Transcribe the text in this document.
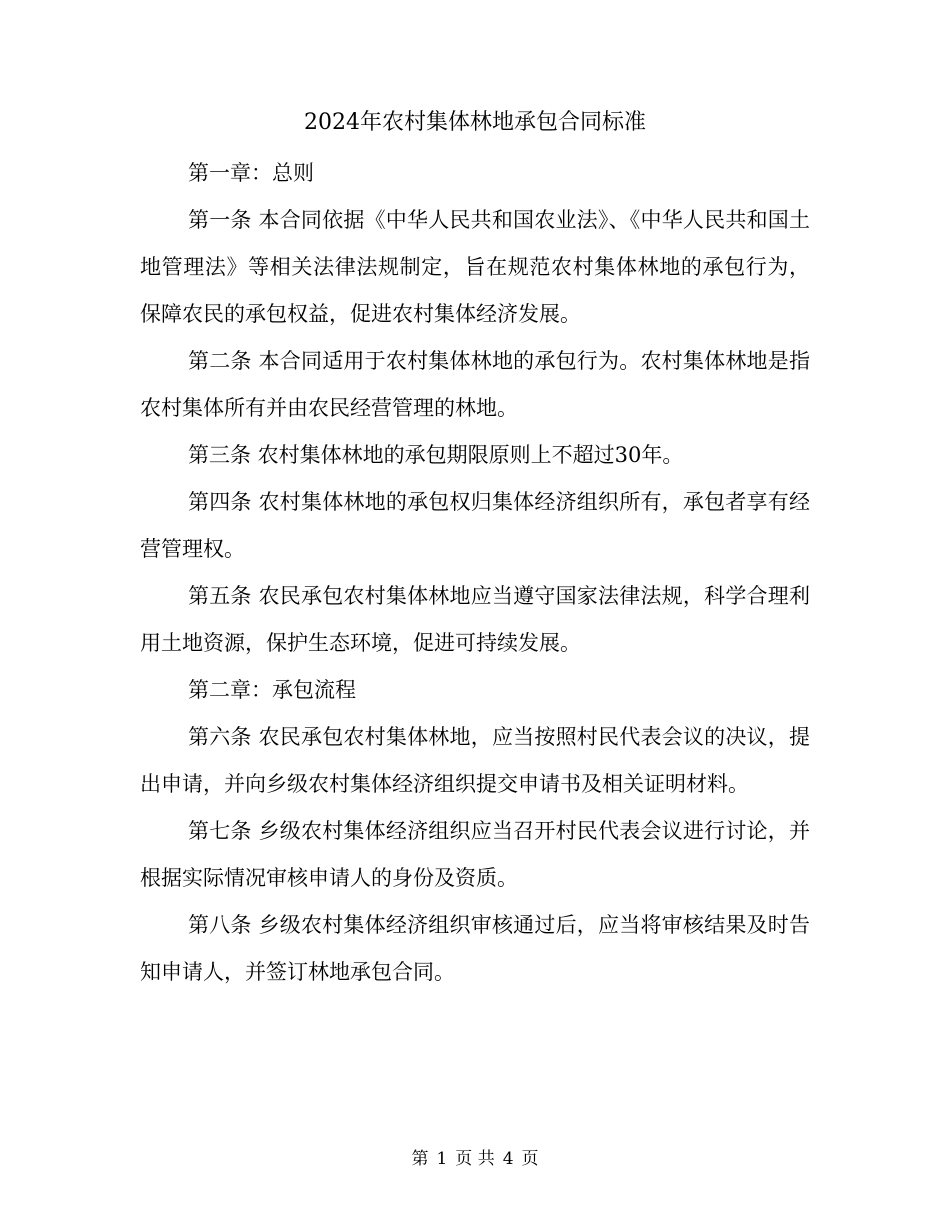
2024年农村集体林地承包合同标准

第一章：总则

第一条 本合同依据《中华人民共和国农业法》、《中华人民共和国土地管理法》等相关法律法规制定，旨在规范农村集体林地的承包行为，保障农民的承包权益，促进农村集体经济发展。

第二条 本合同适用于农村集体林地的承包行为。农村集体林地是指农村集体所有并由农民经营管理的林地。

第三条 农村集体林地的承包期限原则上不超过30年。

第四条 农村集体林地的承包权归集体经济组织所有，承包者享有经营管理权。

第五条 农民承包农村集体林地应当遵守国家法律法规，科学合理利用土地资源，保护生态环境，促进可持续发展。

第二章：承包流程

第六条 农民承包农村集体林地，应当按照村民代表会议的决议，提出申请，并向乡级农村集体经济组织提交申请书及相关证明材料。

第七条 乡级农村集体经济组织应当召开村民代表会议进行讨论，并根据实际情况审核申请人的身份及资质。

第八条 乡级农村集体经济组织审核通过后，应当将审核结果及时告知申请人，并签订林地承包合同。

第 1 页 共 4 页
